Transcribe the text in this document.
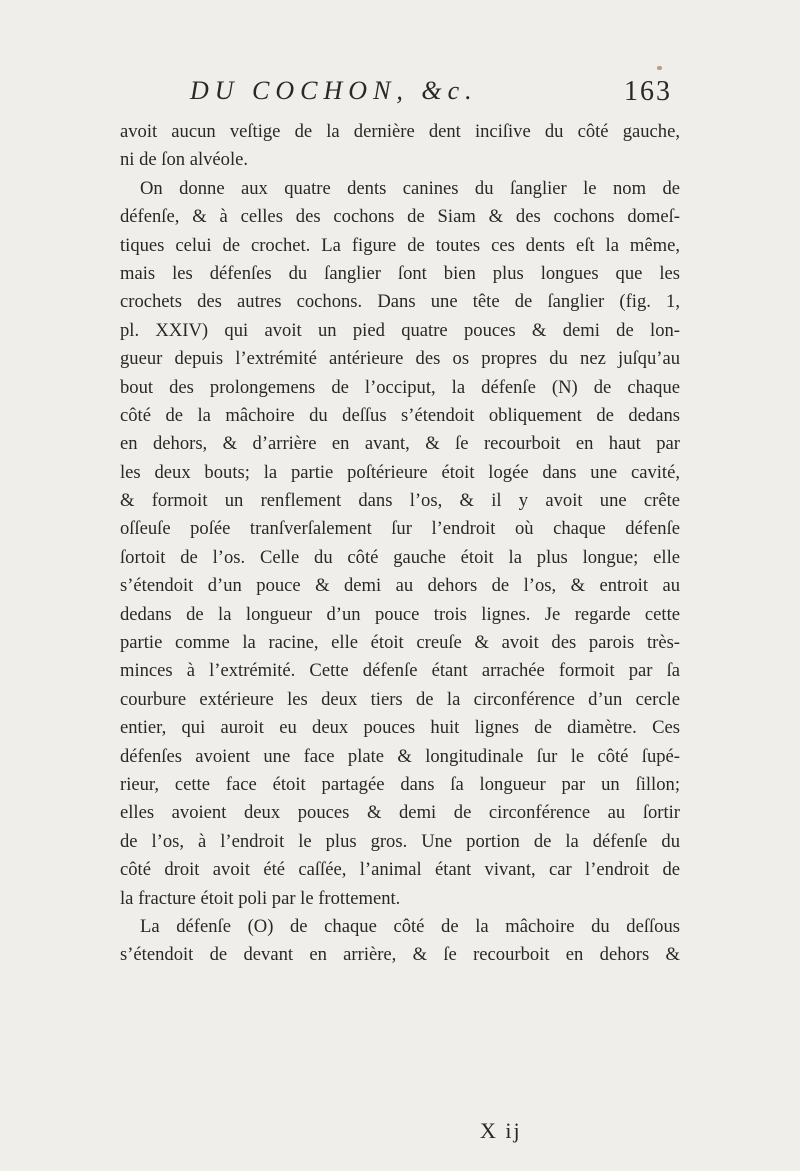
DU COCHON, &c.	163
avoit aucun veſtige de la dernière dent inciſive du côté gauche,
ni de ſon alvéole.
On donne aux quatre dents canines du ſanglier le nom de
défenſe, & à celles des cochons de Siam & des cochons domeſ-
tiques celui de crochet. La figure de toutes ces dents eſt la même,
mais les défenſes du ſanglier ſont bien plus longues que les
crochets des autres cochons. Dans une tête de ſanglier (fig. 1,
pl. XXIV) qui avoit un pied quatre pouces & demi de lon-
gueur depuis l’extrémité antérieure des os propres du nez juſqu’au
bout des prolongemens de l’occiput, la défenſe (N) de chaque
côté de la mâchoire du deſſus s’étendoit obliquement de dedans
en dehors, & d’arrière en avant, & ſe recourboit en haut par
les deux bouts; la partie poſtérieure étoit logée dans une cavité,
& formoit un renflement dans l’os, & il y avoit une crête
oſſeuſe poſée tranſverſalement ſur l’endroit où chaque défenſe
ſortoit de l’os. Celle du côté gauche étoit la plus longue; elle
s’étendoit d’un pouce & demi au dehors de l’os, & entroit au
dedans de la longueur d’un pouce trois lignes. Je regarde cette
partie comme la racine, elle étoit creuſe & avoit des parois très-
minces à l’extrémité. Cette défenſe étant arrachée formoit par ſa
courbure extérieure les deux tiers de la circonférence d’un cercle
entier, qui auroit eu deux pouces huit lignes de diamètre. Ces
défenſes avoient une face plate & longitudinale ſur le côté ſupé-
rieur, cette face étoit partagée dans ſa longueur par un ſillon;
elles avoient deux pouces & demi de circonférence au ſortir
de l’os, à l’endroit le plus gros. Une portion de la défenſe du
côté droit avoit été caſſée, l’animal étant vivant, car l’endroit de
la fracture étoit poli par le frottement.
La défenſe (O) de chaque côté de la mâchoire du deſſous
s’étendoit de devant en arrière, & ſe recourboit en dehors &
X ij
